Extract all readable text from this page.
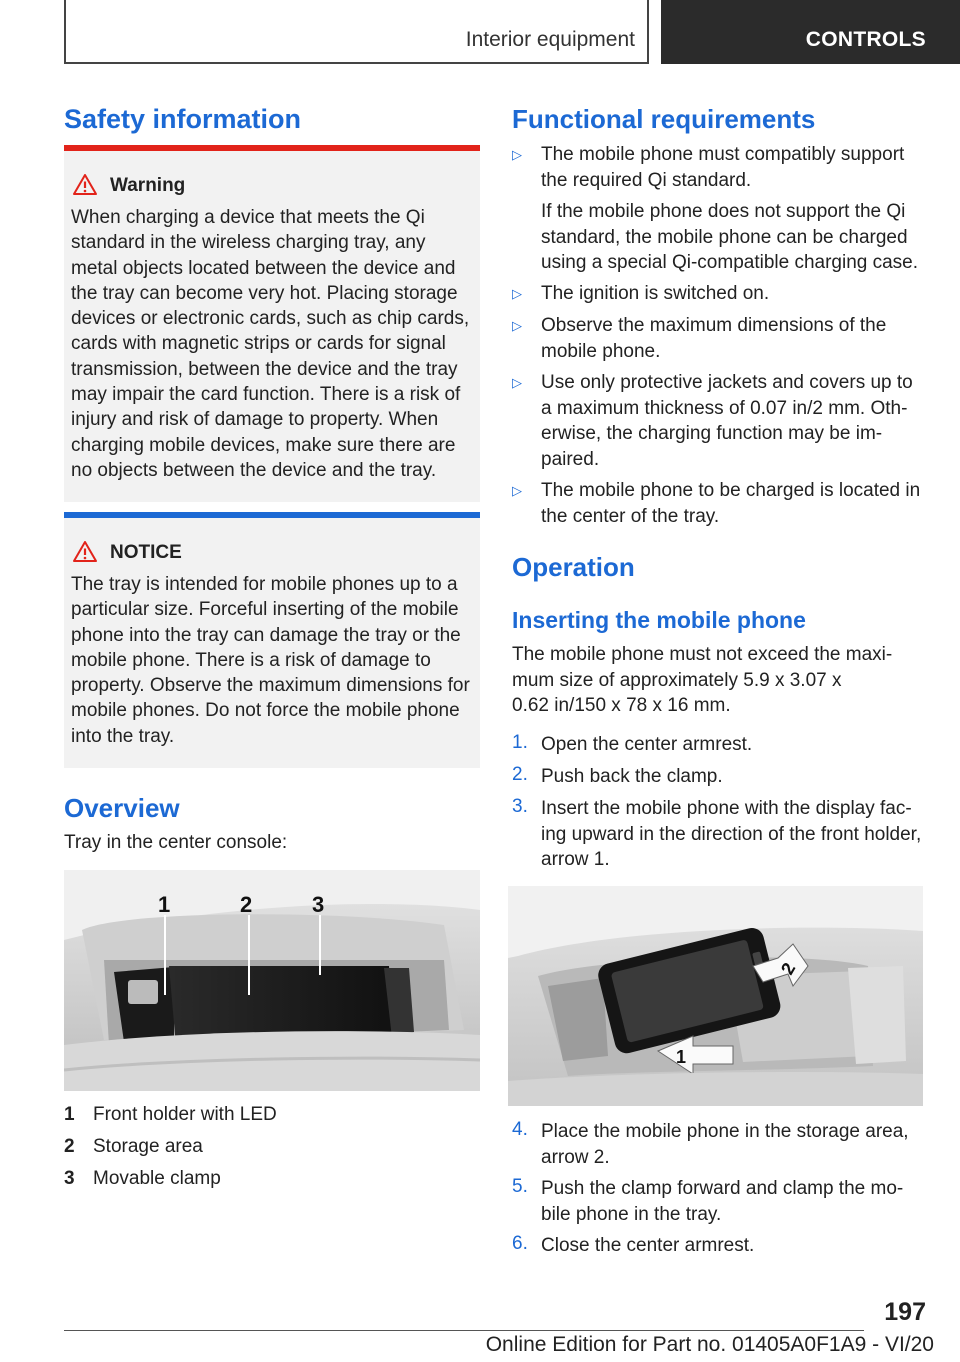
Interior equipment	CONTROLS
Safety information
Warning
When charging a device that meets the Qi
standard in the wireless charging tray, any
metal objects located between the device and
the tray can become very hot. Placing storage
devices or electronic cards, such as chip cards,
cards with magnetic strips or cards for signal
transmission, between the device and the tray
may impair the card function. There is a risk of
injury and risk of damage to property. When
charging mobile devices, make sure there are
no objects between the device and the tray.
NOTICE
The tray is intended for mobile phones up to a
particular size. Forceful inserting of the mobile
phone into the tray can damage the tray or the
mobile phone. There is a risk of damage to
property. Observe the maximum dimensions for
mobile phones. Do not force the mobile phone
into the tray.
Overview
Tray in the center console:
1	2	3
1 Front holder with LED
2 Storage area
3 Movable clamp
Functional requirements
▷ The mobile phone must compatibly support
the required Qi standard.
If the mobile phone does not support the Qi
standard, the mobile phone can be charged
using a special Qi-compatible charging case.
▷ The ignition is switched on.
▷ Observe the maximum dimensions of the
mobile phone.
▷ Use only protective jackets and covers up to
a maximum thickness of 0.07 in/2 mm. Oth-
erwise, the charging function may be im-
paired.
▷ The mobile phone to be charged is located in
the center of the tray.
Operation
Inserting the mobile phone
The mobile phone must not exceed the maxi-
mum size of approximately 5.9 x 3.07 x
0.62 in/150 x 78 x 16 mm.
1. Open the center armrest.
2. Push back the clamp.
3. Insert the mobile phone with the display fac-
ing upward in the direction of the front holder,
arrow 1.
2
1
4. Place the mobile phone in the storage area,
arrow 2.
5. Push the clamp forward and clamp the mo-
bile phone in the tray.
6. Close the center armrest.
197
Online Edition for Part no. 01405A0F1A9 - VI/20
